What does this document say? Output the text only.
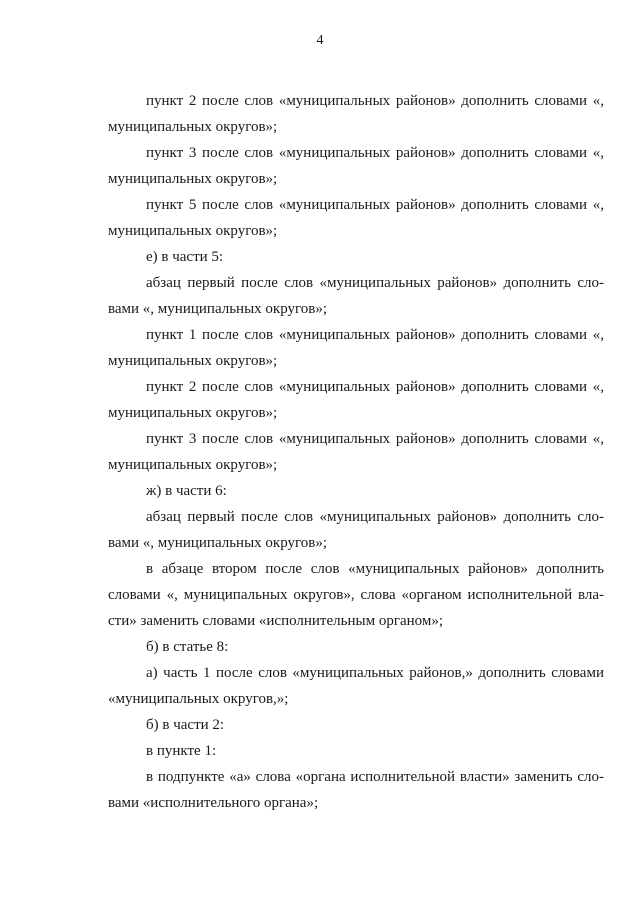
4

пункт 2 после слов «муниципальных районов» дополнить словами «, муниципальных округов»;

пункт 3 после слов «муниципальных районов» дополнить словами «, муниципальных округов»;

пункт 5 после слов «муниципальных районов» дополнить словами «, муниципальных округов»;

е) в части 5:

абзац первый после слов «муниципальных районов» дополнить сло-вами «, муниципальных округов»;

пункт 1 после слов «муниципальных районов» дополнить словами «, муниципальных округов»;

пункт 2 после слов «муниципальных районов» дополнить словами «, муниципальных округов»;

пункт 3 после слов «муниципальных районов» дополнить словами «, муниципальных округов»;

ж) в части 6:

абзац первый после слов «муниципальных районов» дополнить сло-вами «, муниципальных округов»;

в абзаце втором после слов «муниципальных районов» дополнить словами «, муниципальных округов», слова «органом исполнительной вла-сти» заменить словами «исполнительным органом»;

б) в статье 8:

а) часть 1 после слов «муниципальных районов,» дополнить словами «муниципальных округов,»;

б) в части 2:

в пункте 1:

в подпункте «а» слова «органа исполнительной власти» заменить сло-вами «исполнительного органа»;
